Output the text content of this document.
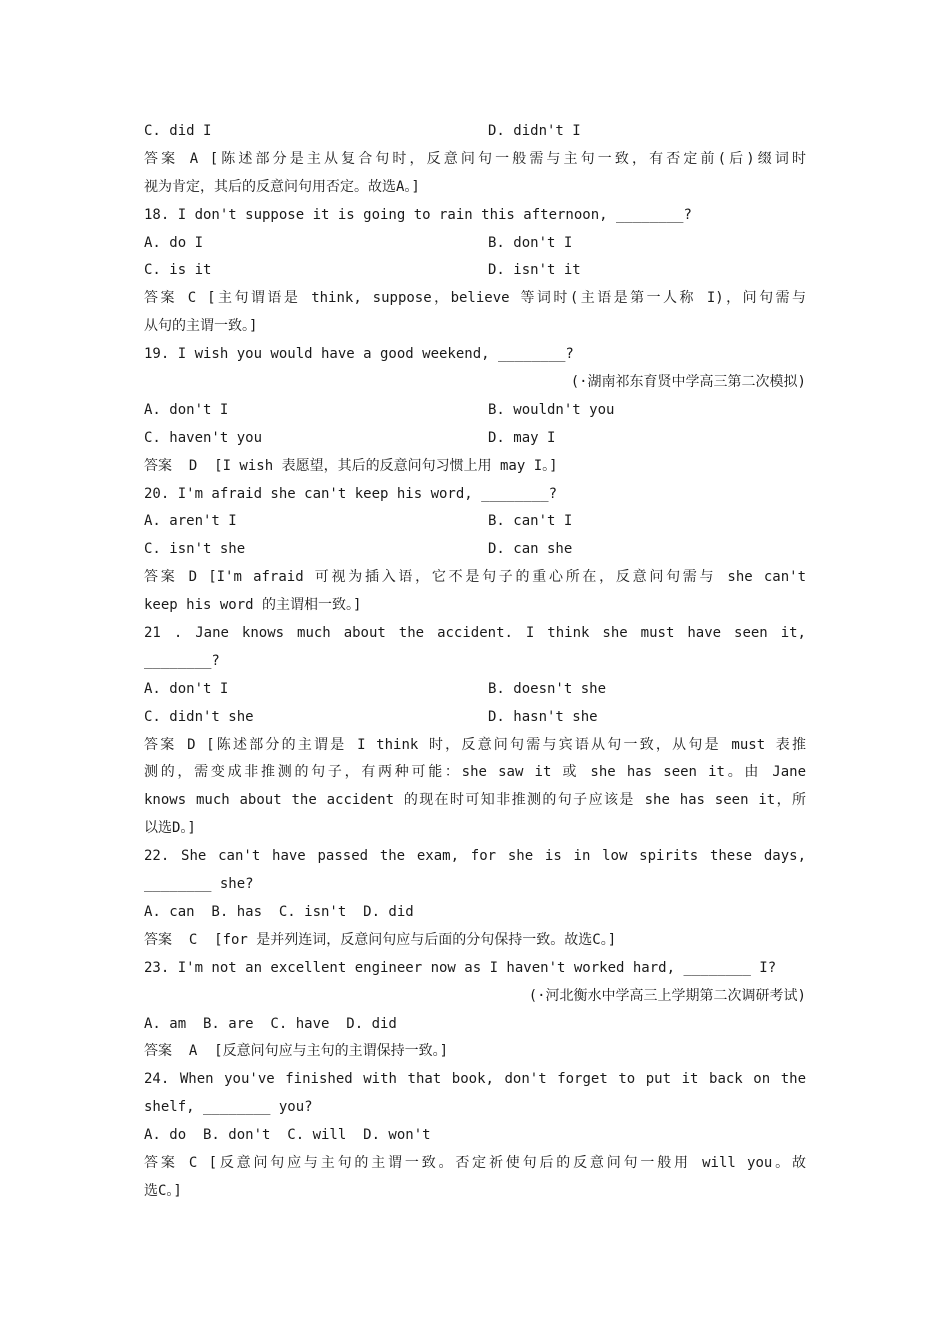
C. did I	D. didn't I
答案 A [陈述部分是主从复合句时，反意问句一般需与主句一致，有否定前(后)缀词时
视为肯定，其后的反意问句用否定。故选A。]
18. I don't suppose it is going to rain this afternoon, ________?
A. do I	B. don't I
C. is it	D. isn't it
答案 C [主句谓语是 think, suppose，believe 等词时(主语是第一人称 I)，问句需与
从句的主谓一致。]
19. I wish you would have a good weekend, ________?
(·湖南祁东育贤中学高三第二次模拟)
A. don't I	B. wouldn't you
C. haven't you	D. may I
答案  D  [I wish 表愿望，其后的反意问句习惯上用 may I。]
20. I'm afraid she can't keep his word, ________?
A. aren't I	B. can't I
C. isn't she	D. can she
答案 D [I'm afraid 可视为插入语，它不是句子的重心所在，反意问句需与 she can't
keep his word 的主谓相一致。]
21 . Jane knows much about the accident. I think she must have seen it,
________?
A. don't I	B. doesn't she
C. didn't she	D. hasn't she
答案 D [陈述部分的主谓是 I think 时，反意问句需与宾语从句一致，从句是 must 表推
测的，需变成非推测的句子，有两种可能：she saw it 或 she has seen it。由 Jane
knows much about the accident 的现在时可知非推测的句子应该是 she has seen it，所
以选D。]
22. She can't have passed the exam, for she is in low spirits these days,
________ she?
A. can  B. has  C. isn't  D. did
答案  C  [for 是并列连词，反意问句应与后面的分句保持一致。故选C。]
23. I'm not an excellent engineer now as I haven't worked hard, ________ I?
(·河北衡水中学高三上学期第二次调研考试)
A. am  B. are  C. have  D. did
答案  A  [反意问句应与主句的主谓保持一致。]
24. When you've finished with that book, don't forget to put it back on the
shelf, ________ you?
A. do  B. don't  C. will  D. won't
答案 C [反意问句应与主句的主谓一致。否定祈使句后的反意问句一般用 will you。故
选C。]
